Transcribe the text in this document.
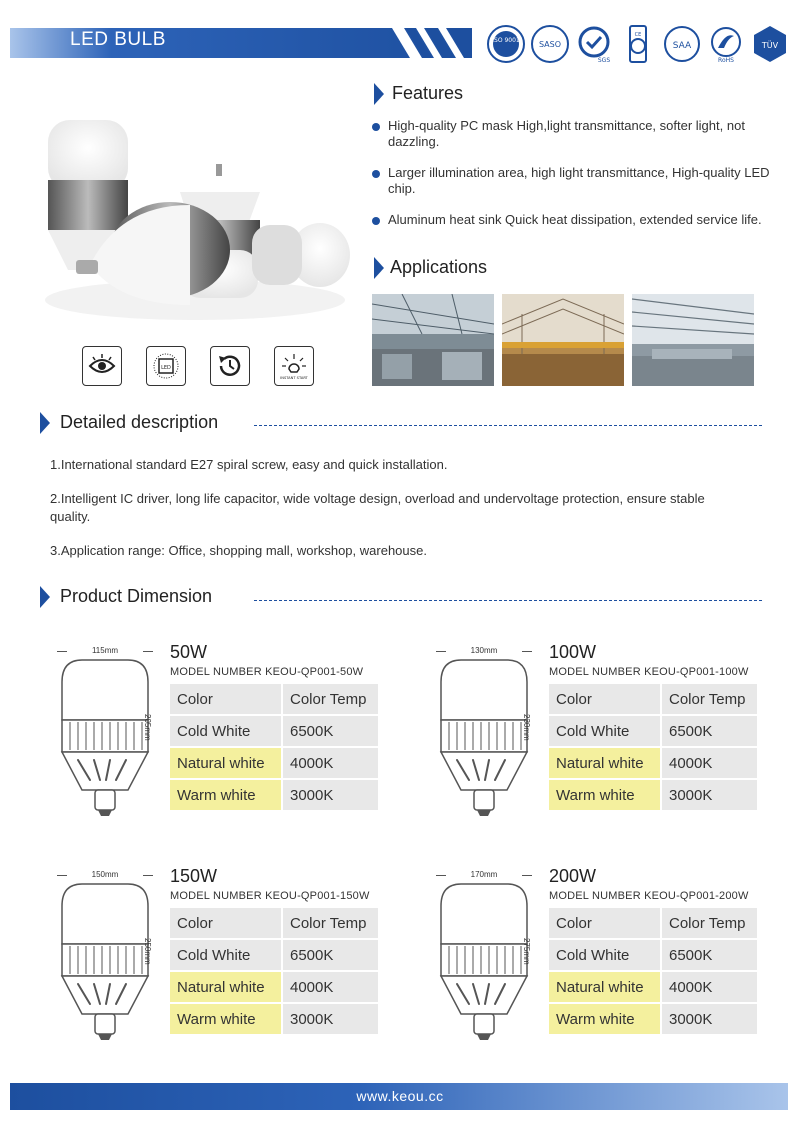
LED BULB	ISO 9001 SASO
SGS
CE
SAA
RoHS
TÜV
LED
INSTANT START
Features
High-quality PC mask High,light transmittance, softer light, not dazzling.
Larger illumination area, high light transmittance, High-quality LED chip.
Aluminum heat sink Quick heat dissipation, extended service life.
Applications
Detailed description

1.International standard E27 spiral screw, easy and quick installation.

2.Intelligent IC driver, long life capacitor, wide voltage design, overload and undervoltage protection, ensure stable quality.

3.Application range: Office, shopping mall, workshop, warehouse.

Product Dimension
115mm
205mm
50W
MODEL NUMBER KEOU-QP001-50W
Color	Color Temp
Cold White	6500K
Natural white	4000K
Warm white	3000K
130mm
230mm
100W
MODEL NUMBER KEOU-QP001-100W
Color	Color Temp
Cold White	6500K
Natural white	4000K
Warm white	3000K
150mm
250mm
150W
MODEL NUMBER KEOU-QP001-150W
Color	Color Temp
Cold White	6500K
Natural white	4000K
Warm white	3000K
170mm
275mm
200W
MODEL NUMBER KEOU-QP001-200W
Color	Color Temp
Cold White	6500K
Natural white	4000K
Warm white	3000K
www.keou.cc
